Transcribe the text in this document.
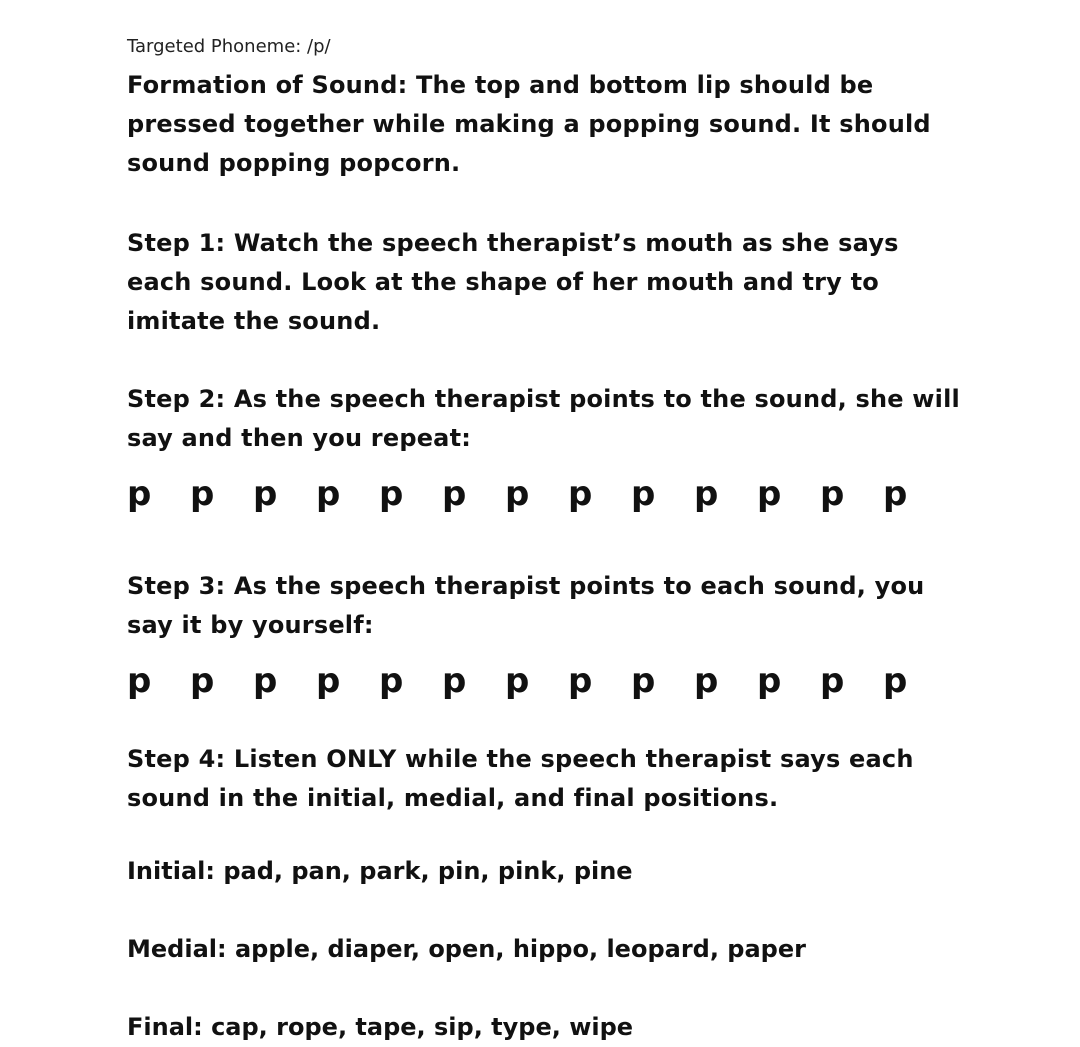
Targeted Phoneme: /p/
Formation of Sound: The top and bottom lip should be pressed together while making a popping sound. It should sound popping popcorn.
Step 1: Watch the speech therapist’s mouth as she says each sound. Look at the shape of her mouth and try to imitate the sound.
Step 2: As the speech therapist points to the sound, she will say and then you repeat:
p p p p p p p p p p p p p
Step 3: As the speech therapist points to each sound, you say it by yourself:
p p p p p p p p p p p p p
Step 4: Listen ONLY while the speech therapist says each sound in the initial, medial, and final positions.
Initial: pad, pan, park, pin, pink, pine
Medial: apple, diaper, open, hippo, leopard, paper
Final: cap, rope, tape, sip, type, wipe
